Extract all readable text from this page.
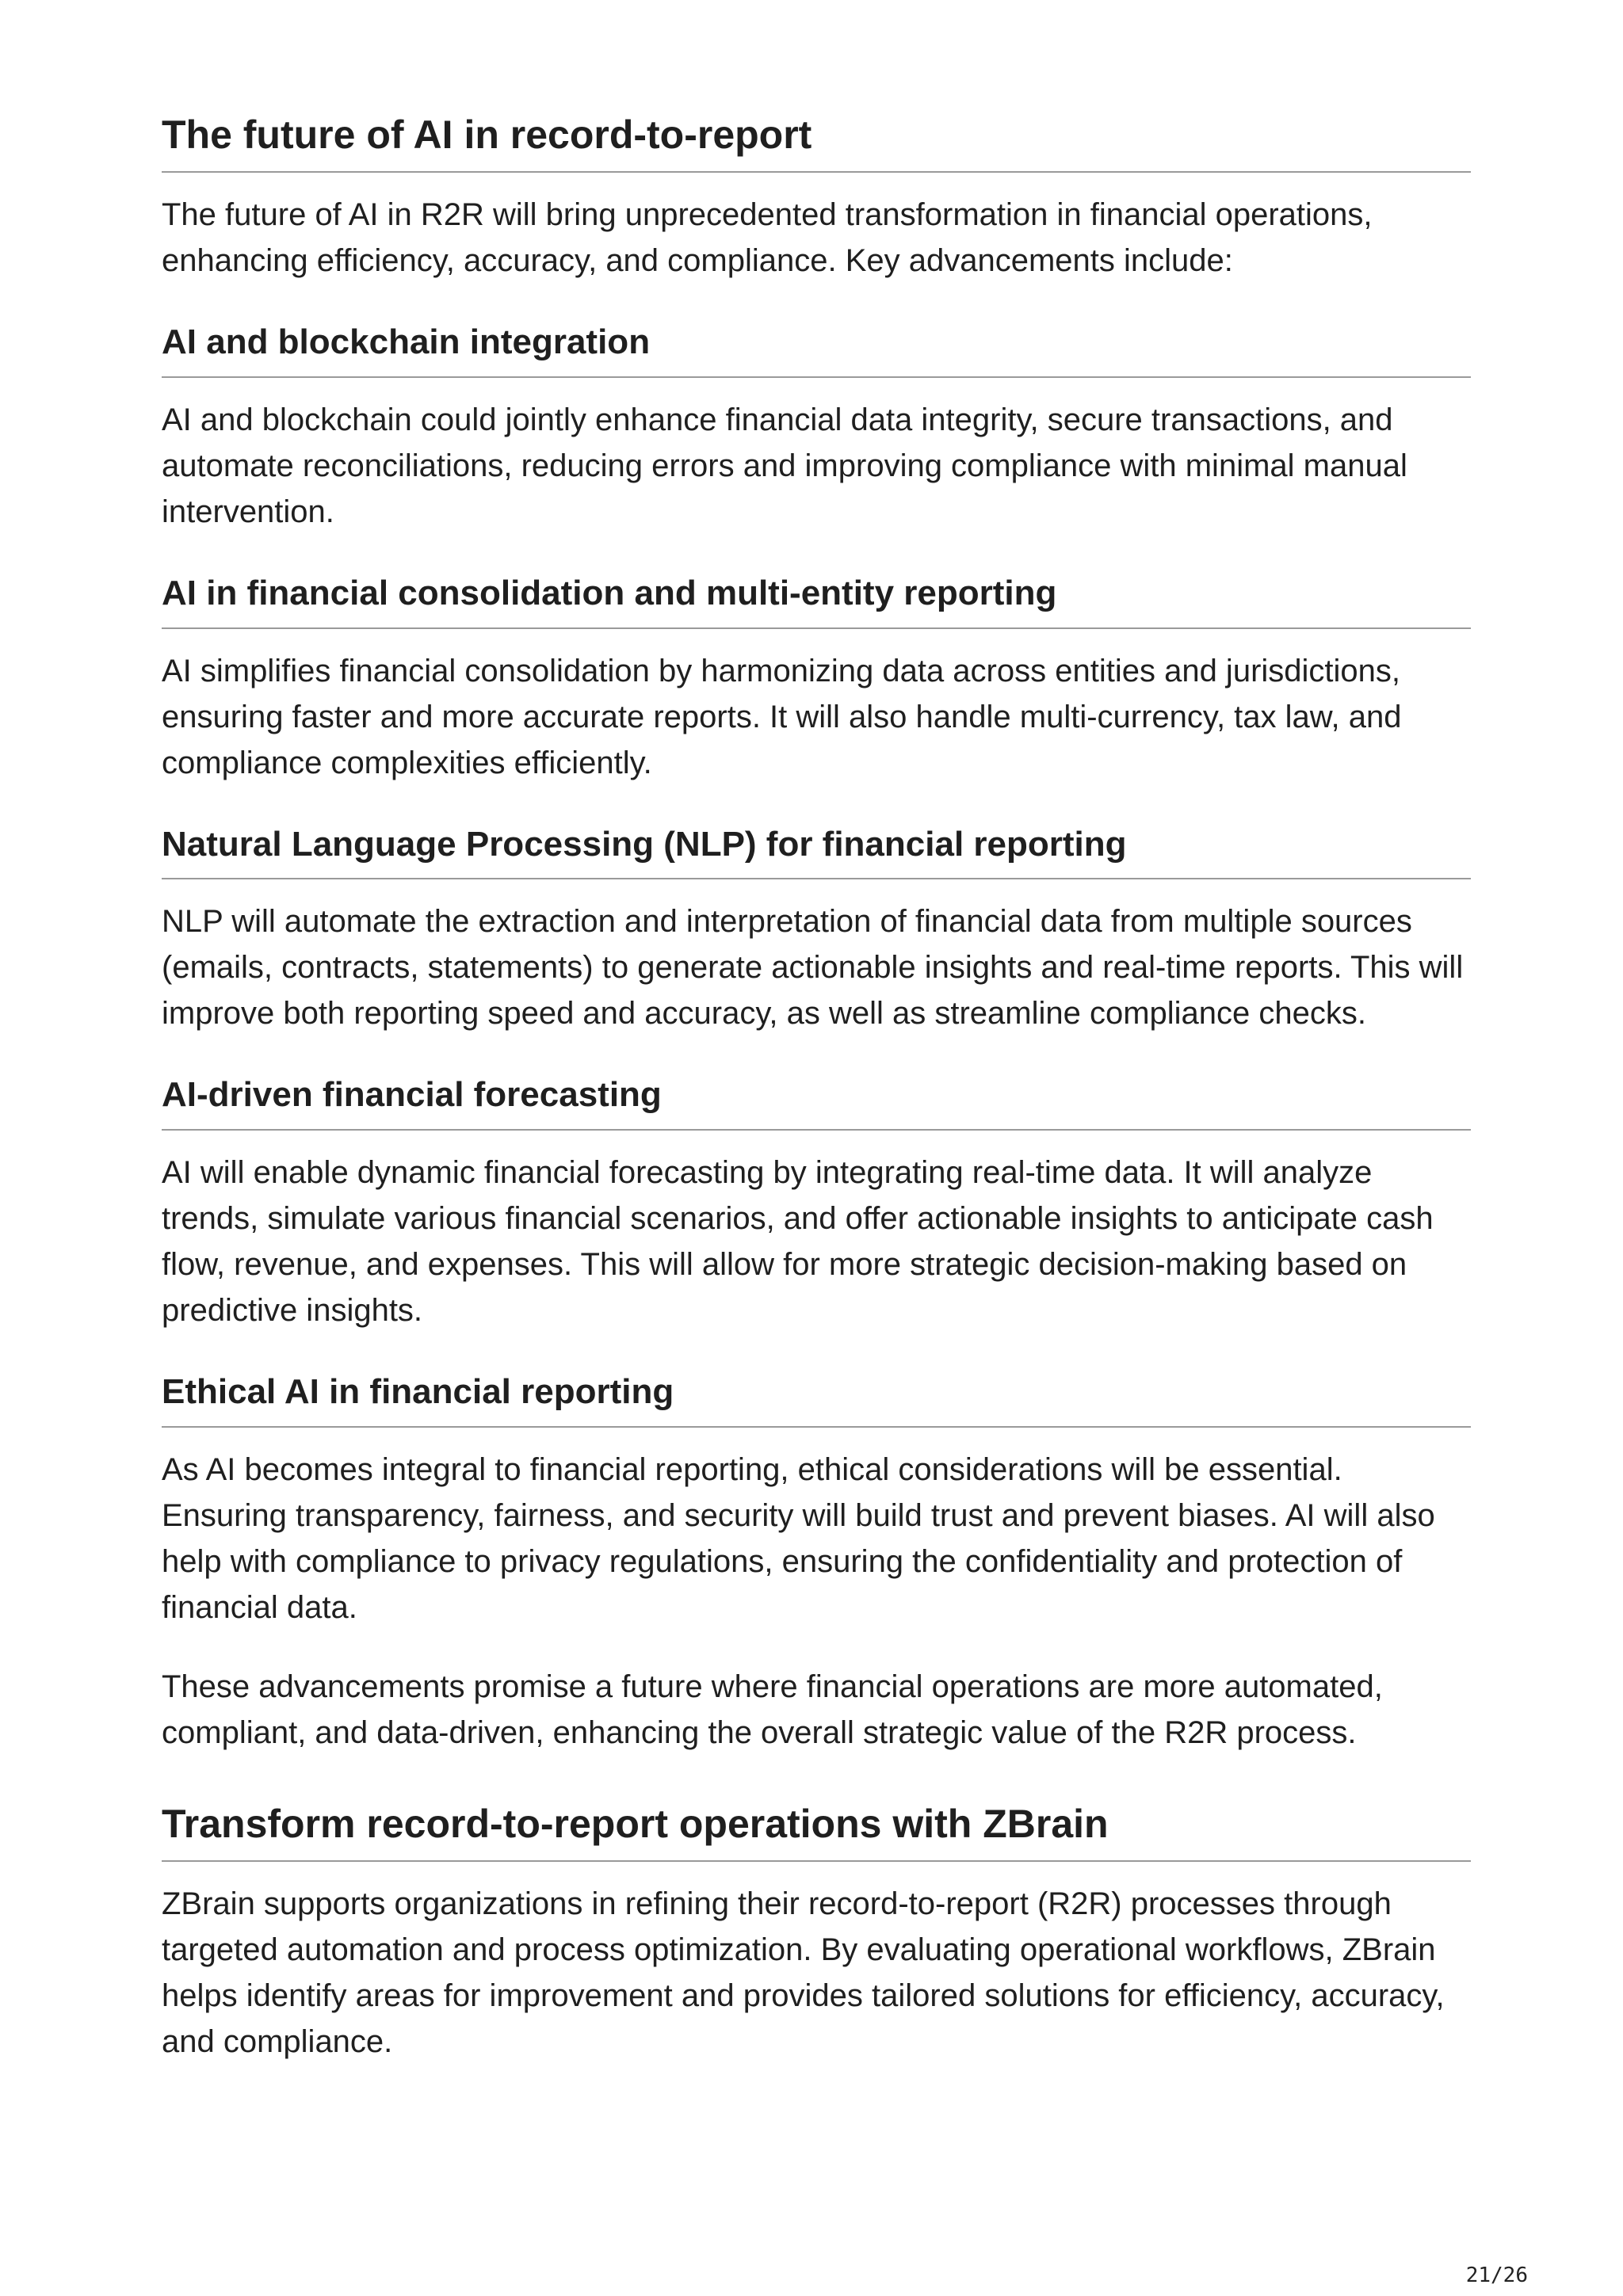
The future of AI in record-to-report

The future of AI in R2R will bring unprecedented transformation in financial operations, enhancing efficiency, accuracy, and compliance. Key advancements include:

AI and blockchain integration

AI and blockchain could jointly enhance financial data integrity, secure transactions, and automate reconciliations, reducing errors and improving compliance with minimal manual intervention.

AI in financial consolidation and multi-entity reporting

AI simplifies financial consolidation by harmonizing data across entities and jurisdictions, ensuring faster and more accurate reports. It will also handle multi-currency, tax law, and compliance complexities efficiently.

Natural Language Processing (NLP) for financial reporting

NLP will automate the extraction and interpretation of financial data from multiple sources (emails, contracts, statements) to generate actionable insights and real-time reports. This will improve both reporting speed and accuracy, as well as streamline compliance checks.

AI-driven financial forecasting

AI will enable dynamic financial forecasting by integrating real-time data. It will analyze trends, simulate various financial scenarios, and offer actionable insights to anticipate cash flow, revenue, and expenses. This will allow for more strategic decision-making based on predictive insights.

Ethical AI in financial reporting

As AI becomes integral to financial reporting, ethical considerations will be essential. Ensuring transparency, fairness, and security will build trust and prevent biases. AI will also help with compliance to privacy regulations, ensuring the confidentiality and protection of financial data.

These advancements promise a future where financial operations are more automated, compliant, and data-driven, enhancing the overall strategic value of the R2R process.

Transform record-to-report operations with ZBrain

ZBrain supports organizations in refining their record-to-report (R2R) processes through targeted automation and process optimization. By evaluating operational workflows, ZBrain helps identify areas for improvement and provides tailored solutions for efficiency, accuracy, and compliance.

21/26
